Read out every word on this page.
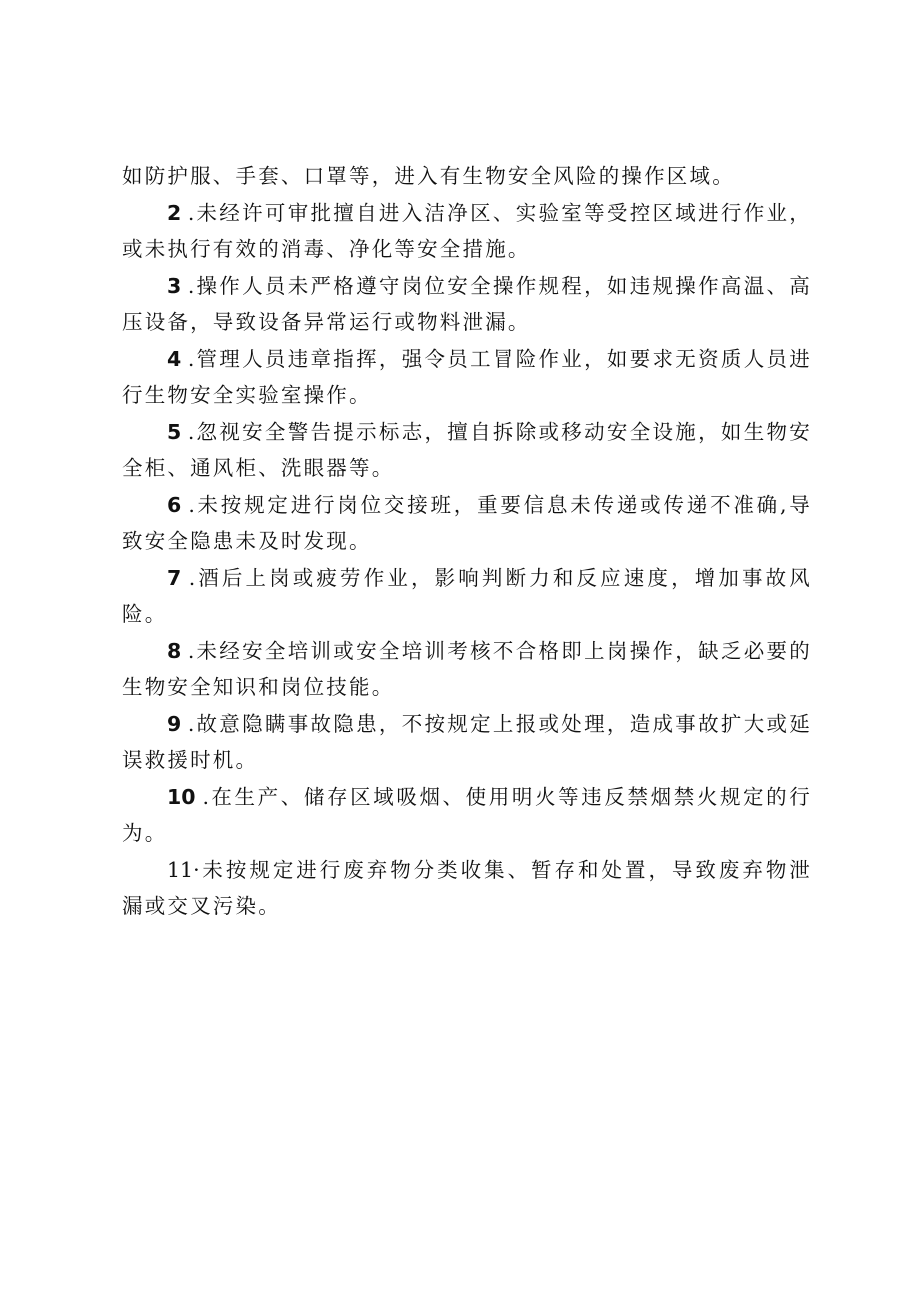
如防护服、手套、口罩等，进入有生物安全风险的操作区域。

2 .未经许可审批擅自进入洁净区、实验室等受控区域进行作业，或未执行有效的消毒、净化等安全措施。

3 .操作人员未严格遵守岗位安全操作规程，如违规操作高温、高压设备，导致设备异常运行或物料泄漏。

4 .管理人员违章指挥，强令员工冒险作业，如要求无资质人员进行生物安全实验室操作。

5 .忽视安全警告提示标志，擅自拆除或移动安全设施，如生物安全柜、通风柜、洗眼器等。

6 .未按规定进行岗位交接班，重要信息未传递或传递不准确,导致安全隐患未及时发现。

7 .酒后上岗或疲劳作业，影响判断力和反应速度，增加事故风险。

8 .未经安全培训或安全培训考核不合格即上岗操作，缺乏必要的生物安全知识和岗位技能。

9 .故意隐瞒事故隐患，不按规定上报或处理，造成事故扩大或延误救援时机。

10 .在生产、储存区域吸烟、使用明火等违反禁烟禁火规定的行为。

11·未按规定进行废弃物分类收集、暂存和处置，导致废弃物泄漏或交叉污染。
